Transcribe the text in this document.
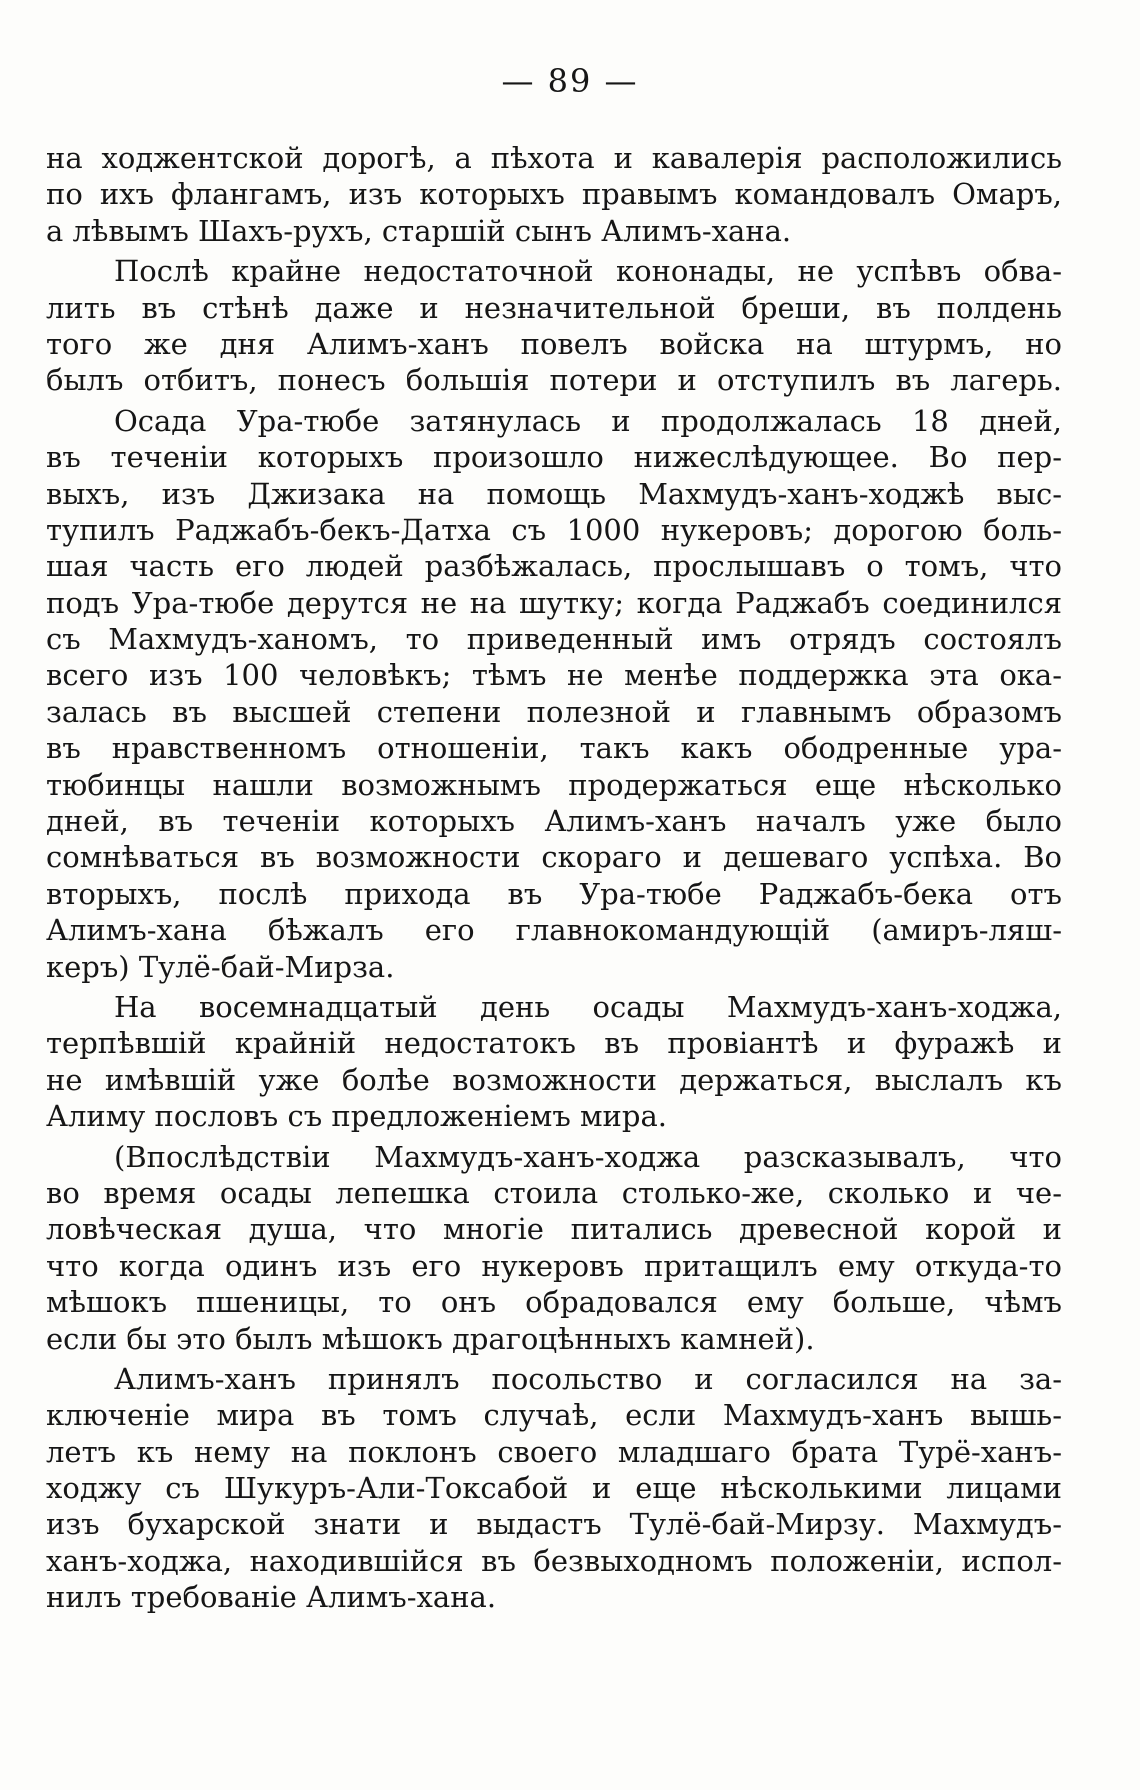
— 89 —
на ходжентской дорогѣ, а пѣхота и кавалерія расположились
по ихъ флангамъ, изъ которыхъ правымъ командовалъ Омаръ,
а лѣвымъ Шахъ-рухъ, старшій сынъ Алимъ-хана.
Послѣ крайне недостаточной кононады, не успѣвъ обва-
лить въ стѣнѣ даже и незначительной бреши, въ полдень
того же дня Алимъ-ханъ повелъ войска на штурмъ, но
былъ отбитъ, понесъ большія потери и отступилъ въ лагерь.
Осада Ура-тюбе затянулась и продолжалась 18 дней,
въ теченіи которыхъ произошло нижеслѣдующее. Во пер-
выхъ, изъ Джизака на помощь Махмудъ-ханъ-ходжѣ выс-
тупилъ Раджабъ-бекъ-Датха съ 1000 нукеровъ; дорогою боль-
шая часть его людей разбѣжалась, прослышавъ о томъ, что
подъ Ура-тюбе дерутся не на шутку; когда Раджабъ соединился
съ Махмудъ-ханомъ, то приведенный имъ отрядъ состоялъ
всего изъ 100 человѣкъ; тѣмъ не менѣе поддержка эта ока-
залась въ высшей степени полезной и главнымъ образомъ
въ нравственномъ отношеніи, такъ какъ ободренные ура-
тюбинцы нашли возможнымъ продержаться еще нѣсколько
дней, въ теченіи которыхъ Алимъ-ханъ началъ уже было
сомнѣваться въ возможности скораго и дешеваго успѣха. Во
вторыхъ, послѣ прихода въ Ура-тюбе Раджабъ-бека отъ
Алимъ-хана бѣжалъ его главнокомандующій (амиръ-ляш-
керъ) Тулё-бай-Мирза.
На восемнадцатый день осады Махмудъ-ханъ-ходжа,
терпѣвшій крайній недостатокъ въ провіантѣ и фуражѣ и
не имѣвшій уже болѣе возможности держаться, выслалъ къ
Алиму пословъ съ предложеніемъ мира.
(Впослѣдствіи Махмудъ-ханъ-ходжа разсказывалъ, что
во время осады лепешка стоила столько-же, сколько и че-
ловѣческая душа, что многіе питались древесной корой и
что когда одинъ изъ его нукеровъ притащилъ ему откуда-то
мѣшокъ пшеницы, то онъ обрадовался ему больше, чѣмъ
если бы это былъ мѣшокъ драгоцѣнныхъ камней).
Алимъ-ханъ принялъ посольство и согласился на за-
ключеніе мира въ томъ случаѣ, если Махмудъ-ханъ вышь-
летъ къ нему на поклонъ своего младшаго брата Турё-ханъ-
ходжу съ Шукуръ-Али-Токсабой и еще нѣсколькими лицами
изъ бухарской знати и выдастъ Тулё-бай-Мирзу. Махмудъ-
ханъ-ходжа, находившійся въ безвыходномъ положеніи, испол-
нилъ требованіе Алимъ-хана.
